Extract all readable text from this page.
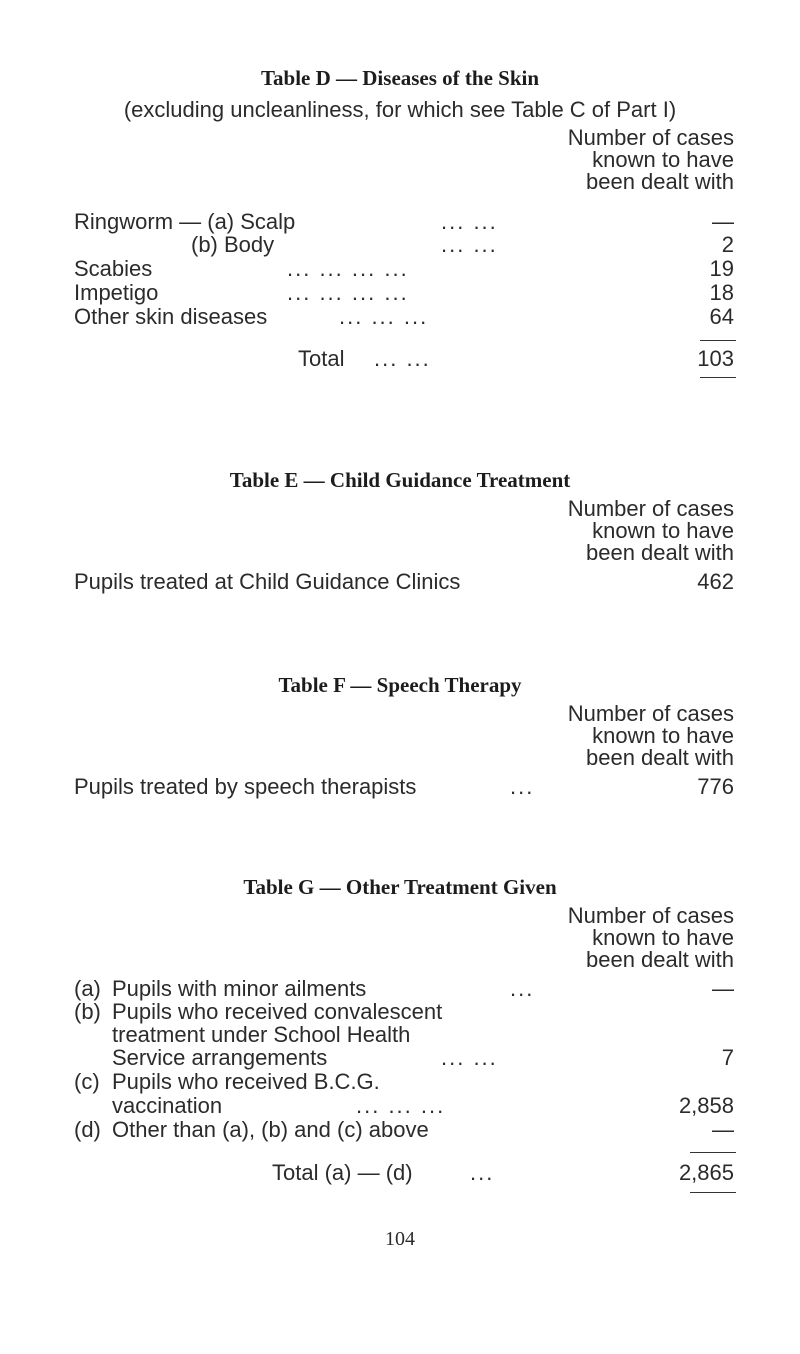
Table D — Diseases of the Skin
(excluding uncleanliness, for which see Table C of Part I)
Number of cases
known to have
been dealt with
Ringworm — (a) Scalp	... ...	—
(b) Body	... ...	2
Scabies	... ... ... ...	19
Impetigo	... ... ... ...	18
Other skin diseases	... ... ...	64
Total ... ...	103
Table E — Child Guidance Treatment
Number of cases
known to have
been dealt with
Pupils treated at Child Guidance Clinics	462
Table F — Speech Therapy
Number of cases
known to have
been dealt with
Pupils treated by speech therapists	...	776
Table G — Other Treatment Given
Number of cases
known to have
been dealt with
(a) Pupils with minor ailments	...	—
(b) Pupils who received convalescent
treatment under School Health
Service arrangements	... ...	7
(c) Pupils who received B.C.G.
vaccination	... ... ...	2,858
(d) Other than (a), (b) and (c) above	—
Total (a) — (d)	...	2,865
104
